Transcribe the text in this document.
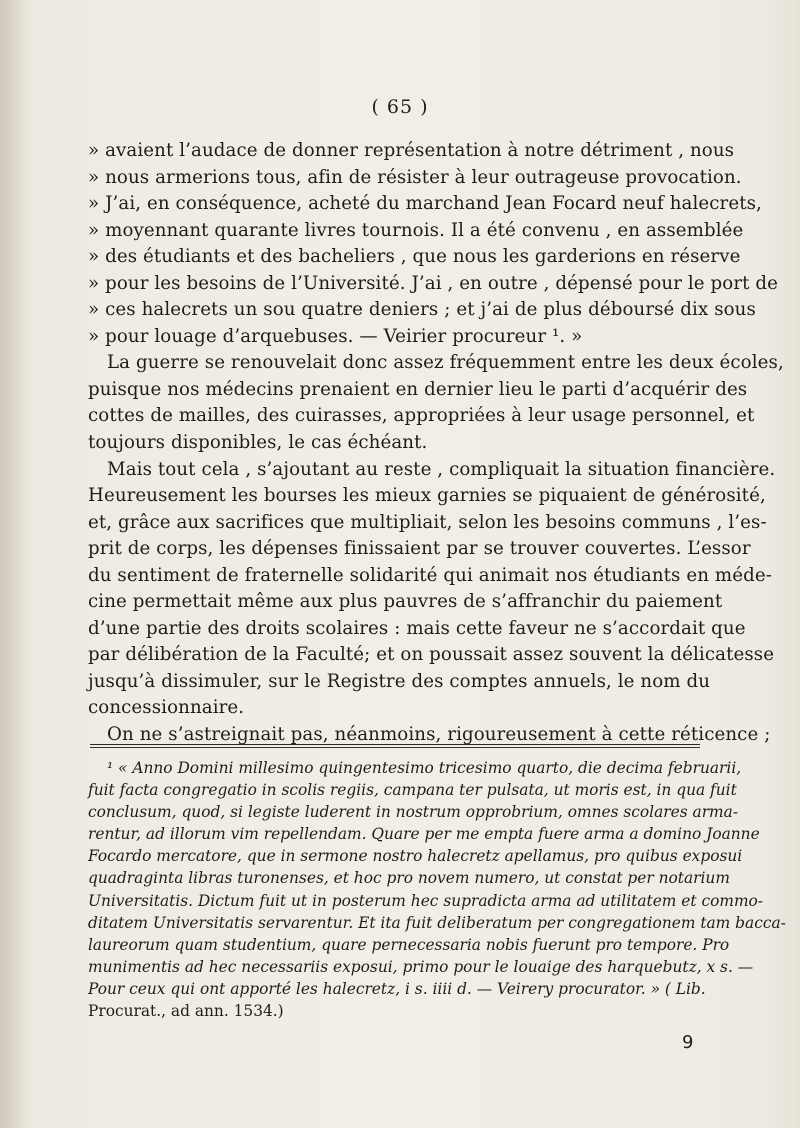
( 65 )
» avaient l’audace de donner représentation à notre détriment , nous
» nous armerions tous, afin de résister à leur outrageuse provocation.
» J’ai, en conséquence, acheté du marchand Jean Focard neuf halecrets,
» moyennant quarante livres tournois. Il a été convenu , en assemblée
» des étudiants et des bacheliers , que nous les garderions en réserve
» pour les besoins de l’Université. J’ai , en outre , dépensé pour le port de
» ces halecrets un sou quatre deniers ; et j’ai de plus déboursé dix sous
» pour louage d’arquebuses. — Veirier procureur ¹. »
La guerre se renouvelait donc assez fréquemment entre les deux écoles,
puisque nos médecins prenaient en dernier lieu le parti d’acquérir des
cottes de mailles, des cuirasses, appropriées à leur usage personnel, et
toujours disponibles, le cas échéant.
Mais tout cela , s’ajoutant au reste , compliquait la situation financière.
Heureusement les bourses les mieux garnies se piquaient de générosité,
et, grâce aux sacrifices que multipliait, selon les besoins communs , l’es-
prit de corps, les dépenses finissaient par se trouver couvertes. L’essor
du sentiment de fraternelle solidarité qui animait nos étudiants en méde-
cine permettait même aux plus pauvres de s’affranchir du paiement
d’une partie des droits scolaires : mais cette faveur ne s’accordait que
par délibération de la Faculté; et on poussait assez souvent la délicatesse
jusqu’à dissimuler, sur le Registre des comptes annuels, le nom du
concessionnaire.
On ne s’astreignait pas, néanmoins, rigoureusement à cette réticence ;
¹ « Anno Domini millesimo quingentesimo tricesimo quarto, die decima februarii,
fuit facta congregatio in scolis regiis, campana ter pulsata, ut moris est, in qua fuit
conclusum, quod, si legiste luderent in nostrum opprobrium, omnes scolares arma-
rentur, ad illorum vim repellendam. Quare per me empta fuere arma a domino Joanne
Focardo mercatore, que in sermone nostro halecretz apellamus, pro quibus exposui
quadraginta libras turonenses, et hoc pro novem numero, ut constat per notarium
Universitatis. Dictum fuit ut in posterum hec supradicta arma ad utilitatem et commo-
ditatem Universitatis servarentur. Et ita fuit deliberatum per congregationem tam bacca-
laureorum quam studentium, quare pernecessaria nobis fuerunt pro tempore. Pro
munimentis ad hec necessariis exposui, primo pour le louaige des harquebutz, x s. —
Pour ceux qui ont apporté les halecretz, i s. iiii d. — Veirery procurator. » ( Lib.
Procurat., ad ann. 1534.)
9
